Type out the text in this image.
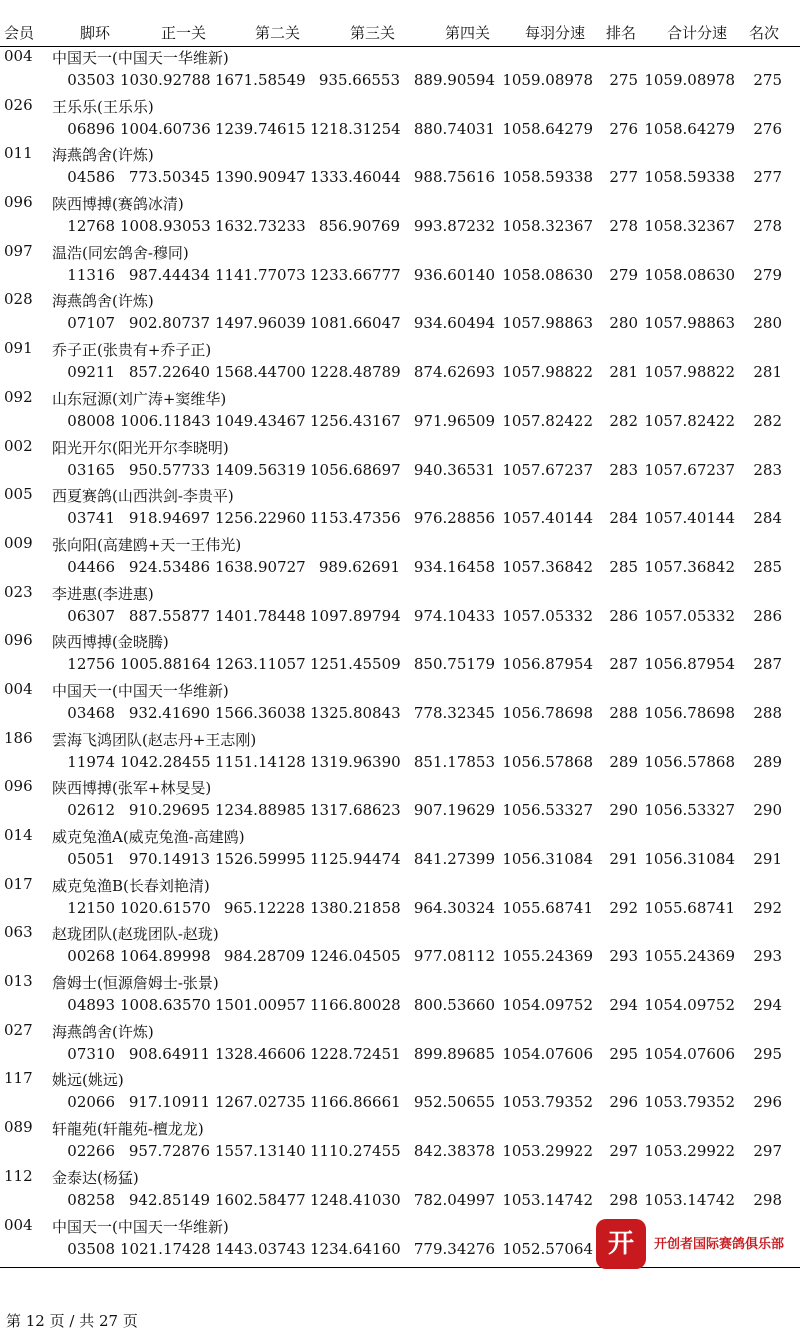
会员	脚环	正一关	第二关	第三关	第四关 每羽分速 排名 合计分速 名次
004 中国天一(中国天一华维新)
03503 1030.92788 1671.58549 935.66553 889.90594 1059.08978	275 1059.08978	275
026 王乐乐(王乐乐)
06896 1004.60736 1239.74615 1218.31254 880.74031 1058.64279	276 1058.64279	276
011 海燕鸽舍(许炼)
04586 773.50345 1390.90947 1333.46044 988.75616 1058.59338	277 1058.59338	277
096 陕西博搏(赛鸽冰清)
12768 1008.93053 1632.73233 856.90769 993.87232 1058.32367	278 1058.32367	278
097 温浩(同宏鸽舍-穆同)
11316 987.44434 1141.77073 1233.66777 936.60140 1058.08630	279 1058.08630	279
028 海燕鸽舍(许炼)
07107 902.80737 1497.96039 1081.66047 934.60494 1057.98863	280 1057.98863	280
091 乔子正(张贵有+乔子正)
09211 857.22640 1568.44700 1228.48789 874.62693 1057.98822	281 1057.98822	281
092 山东冠源(刘广涛+窦维华)
08008 1006.11843 1049.43467 1256.43167 971.96509 1057.82422	282 1057.82422	282
002 阳光开尔(阳光开尔李晓明)
03165 950.57733 1409.56319 1056.68697 940.36531 1057.67237	283 1057.67237	283
005 西夏赛鸽(山西洪剑-李贵平)
03741 918.94697 1256.22960 1153.47356 976.28856 1057.40144	284 1057.40144	284
009 张向阳(高建鸥+天一王伟光)
04466 924.53486 1638.90727 989.62691 934.16458 1057.36842	285 1057.36842	285
023 李进惠(李进惠)
06307 887.55877 1401.78448 1097.89794 974.10433 1057.05332	286 1057.05332	286
096 陕西博搏(金晓腾)
12756 1005.88164 1263.11057 1251.45509 850.75179 1056.87954	287 1056.87954	287
004 中国天一(中国天一华维新)
03468 932.41690 1566.36038 1325.80843 778.32345 1056.78698	288 1056.78698	288
186 雲海飞鸿团队(赵志丹+王志刚)
11974 1042.28455 1151.14128 1319.96390 851.17853 1056.57868	289 1056.57868	289
096 陕西博搏(张军+林旻旻)
02612 910.29695 1234.88985 1317.68623 907.19629 1056.53327	290 1056.53327	290
014 威克兔渔A(威克兔渔-高建鸥)
05051 970.14913 1526.59995 1125.94474 841.27399 1056.31084	291 1056.31084	291
017 威克兔渔B(长春刘艳清)
12150 1020.61570 965.12228 1380.21858 964.30324 1055.68741	292 1055.68741	292
063 赵珑团队(赵珑团队-赵珑)
00268 1064.89998 984.28709 1246.04505 977.08112 1055.24369	293 1055.24369	293
013 詹姆士(恒源詹姆士-张景)
04893 1008.63570 1501.00957 1166.80028 800.53660 1054.09752	294 1054.09752	294
027 海燕鸽舍(许炼)
07310 908.64911 1328.46606 1228.72451 899.89685 1054.07606	295 1054.07606	295
117 姚远(姚远)
02066 917.10911 1267.02735 1166.86661 952.50655 1053.79352	296 1053.79352	296
089 轩龍苑(轩龍苑-檀龙龙)
02266 957.72876 1557.13140 1110.27455 842.38378 1053.29922	297 1053.29922	297
112 金泰达(杨猛)
08258 942.85149 1602.58477 1248.41030 782.04997 1053.14742	298 1053.14742	298
004 中国天一(中国天一华维新)
03508 1021.17428 1443.03743 1234.64160 779.34276 1052.57064
第 12 页 / 共 27 页
开创
开创者国际赛鸽俱乐部
